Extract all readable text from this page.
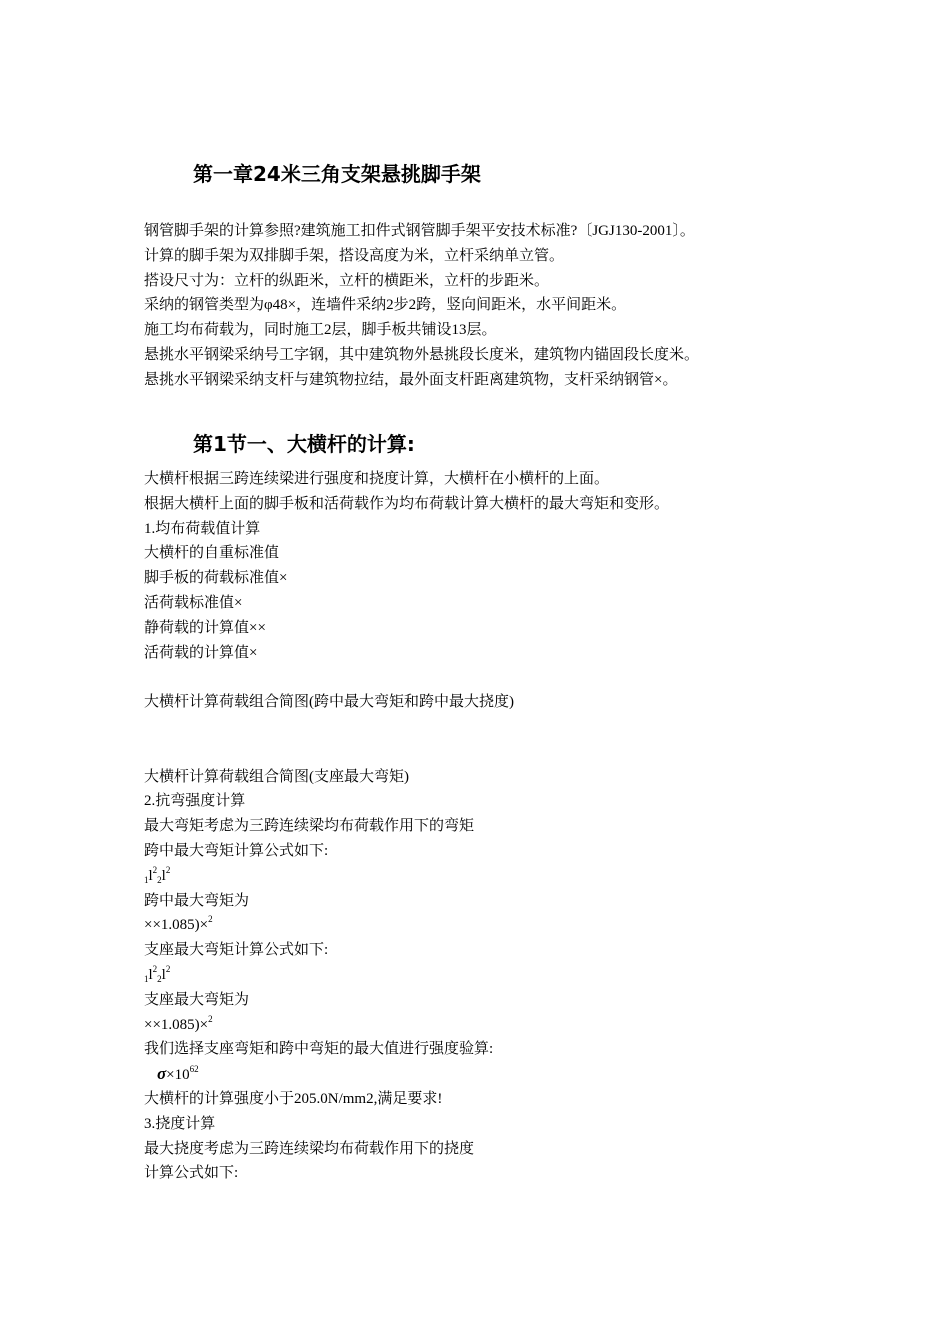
第一章24米三角支架悬挑脚手架
钢管脚手架的计算参照?建筑施工扣件式钢管脚手架平安技术标准?〔JGJ130-2001〕。
计算的脚手架为双排脚手架，搭设高度为米，立杆采纳单立管。
搭设尺寸为：立杆的纵距米，立杆的横距米，立杆的步距米。
采纳的钢管类型为φ48×，连墙件采纳2步2跨，竖向间距米，水平间距米。
施工均布荷载为，同时施工2层，脚手板共铺设13层。
悬挑水平钢梁采纳号工字钢，其中建筑物外悬挑段长度米，建筑物内锚固段长度米。
悬挑水平钢梁采纳支杆与建筑物拉结，最外面支杆距离建筑物，支杆采纳钢管×。
第1节一、大横杆的计算:
大横杆根据三跨连续梁进行强度和挠度计算，大横杆在小横杆的上面。
根据大横杆上面的脚手板和活荷载作为均布荷载计算大横杆的最大弯矩和变形。
1.均布荷载值计算
大横杆的自重标准值
脚手板的荷载标准值×
活荷载标准值×
静荷载的计算值××
活荷载的计算值×
大横杆计算荷载组合简图(跨中最大弯矩和跨中最大挠度)
大横杆计算荷载组合简图(支座最大弯矩)
2.抗弯强度计算
最大弯矩考虑为三跨连续梁均布荷载作用下的弯矩
跨中最大弯矩计算公式如下:
$_1l^2_2l^2$
跨中最大弯矩为
××1.085)×$^2$
支座最大弯矩计算公式如下:
$_1l^2_2l^2$
支座最大弯矩为
××1.085)×$^2$
我们选择支座弯矩和跨中弯矩的最大值进行强度验算:
$\sigma\times 10^{62}$
大横杆的计算强度小于205.0N/mm2,满足要求!
3.挠度计算
最大挠度考虑为三跨连续梁均布荷载作用下的挠度
计算公式如下:
